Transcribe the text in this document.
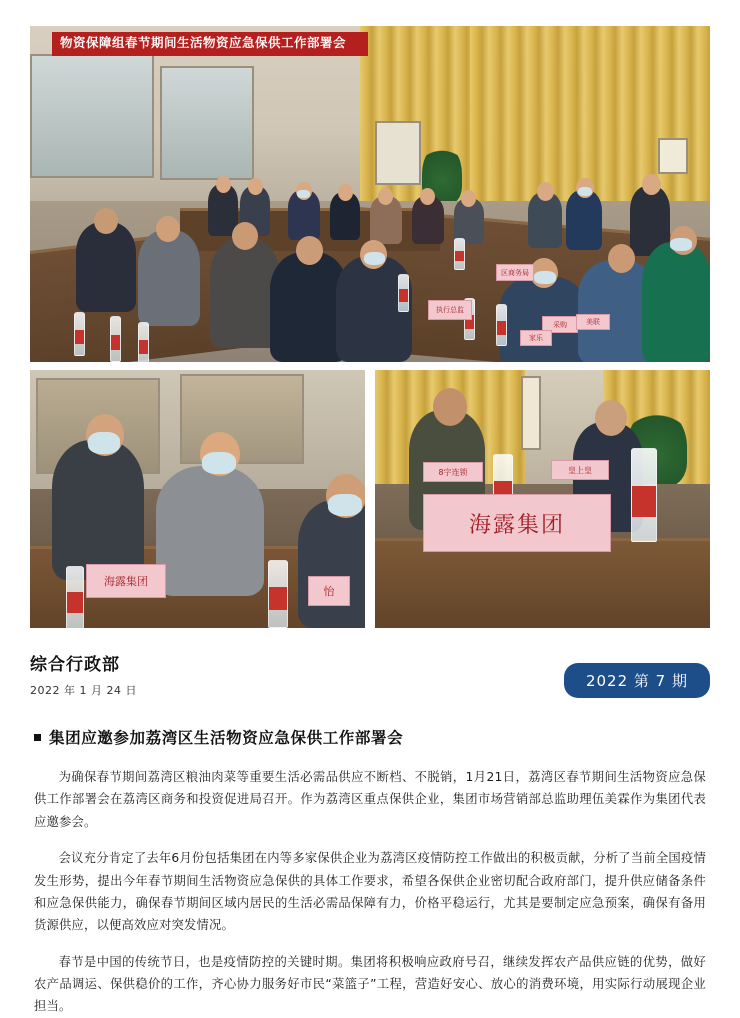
执行总监
区商务局
采购
家乐
美联
物资保障组春节期间生活物资应急保供工作部署会
海露集团
怡
8字连锁	皇上皇
海露集团
综合行政部
2022 年 1 月 24 日
2022 第 7 期
集团应邀参加荔湾区生活物资应急保供工作部署会

为确保春节期间荔湾区粮油肉菜等重要生活必需品供应不断档、不脱销，1月21日，荔湾区春节期间生活物资应急保供工作部署会在荔湾区商务和投资促进局召开。作为荔湾区重点保供企业，集团市场营销部总监助理伍美霖作为集团代表应邀参会。

会议充分肯定了去年6月份包括集团在内等多家保供企业为荔湾区疫情防控工作做出的积极贡献，分析了当前全国疫情发生形势，提出今年春节期间生活物资应急保供的具体工作要求，希望各保供企业密切配合政府部门，提升供应储备条件和应急保供能力，确保春节期间区域内居民的生活必需品保障有力，价格平稳运行，尤其是要制定应急预案，确保有备用货源供应，以便高效应对突发情况。

春节是中国的传统节日，也是疫情防控的关键时期。集团将积极响应政府号召，继续发挥农产品供应链的优势，做好农产品调运、保供稳价的工作，齐心协力服务好市民“菜篮子”工程，营造好安心、放心的消费环境，用实际行动展现企业担当。
